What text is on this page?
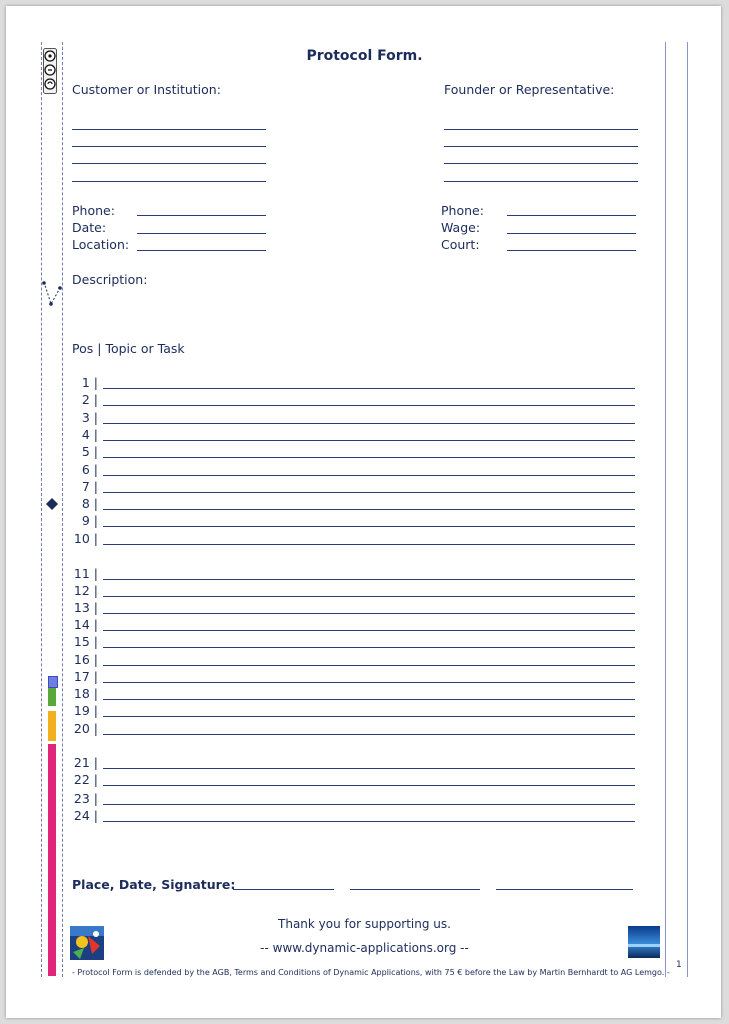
Protocol Form.
Customer or Institution:	Founder or Representative:
Phone:
Date:
Location:
Phone:
Wage:
Court:
Description:
Pos | Topic or Task
1 |
2 |
3 |
4 |
5 |
6 |
7 |
8 |
9 |
10 |
11 |
12 |
13 |
14 |
15 |
16 |
17 |
18 |
19 |
20 |
21 |
22 |
23 |
24 |
Place, Date, Signature:
Thank you for supporting us.
-- www.dynamic-applications.org --
- Protocol Form is defended by the AGB, Terms and Conditions of Dynamic Applications, with 75 € before the Law by Martin Bernhardt to AG Lemgo. -
1
